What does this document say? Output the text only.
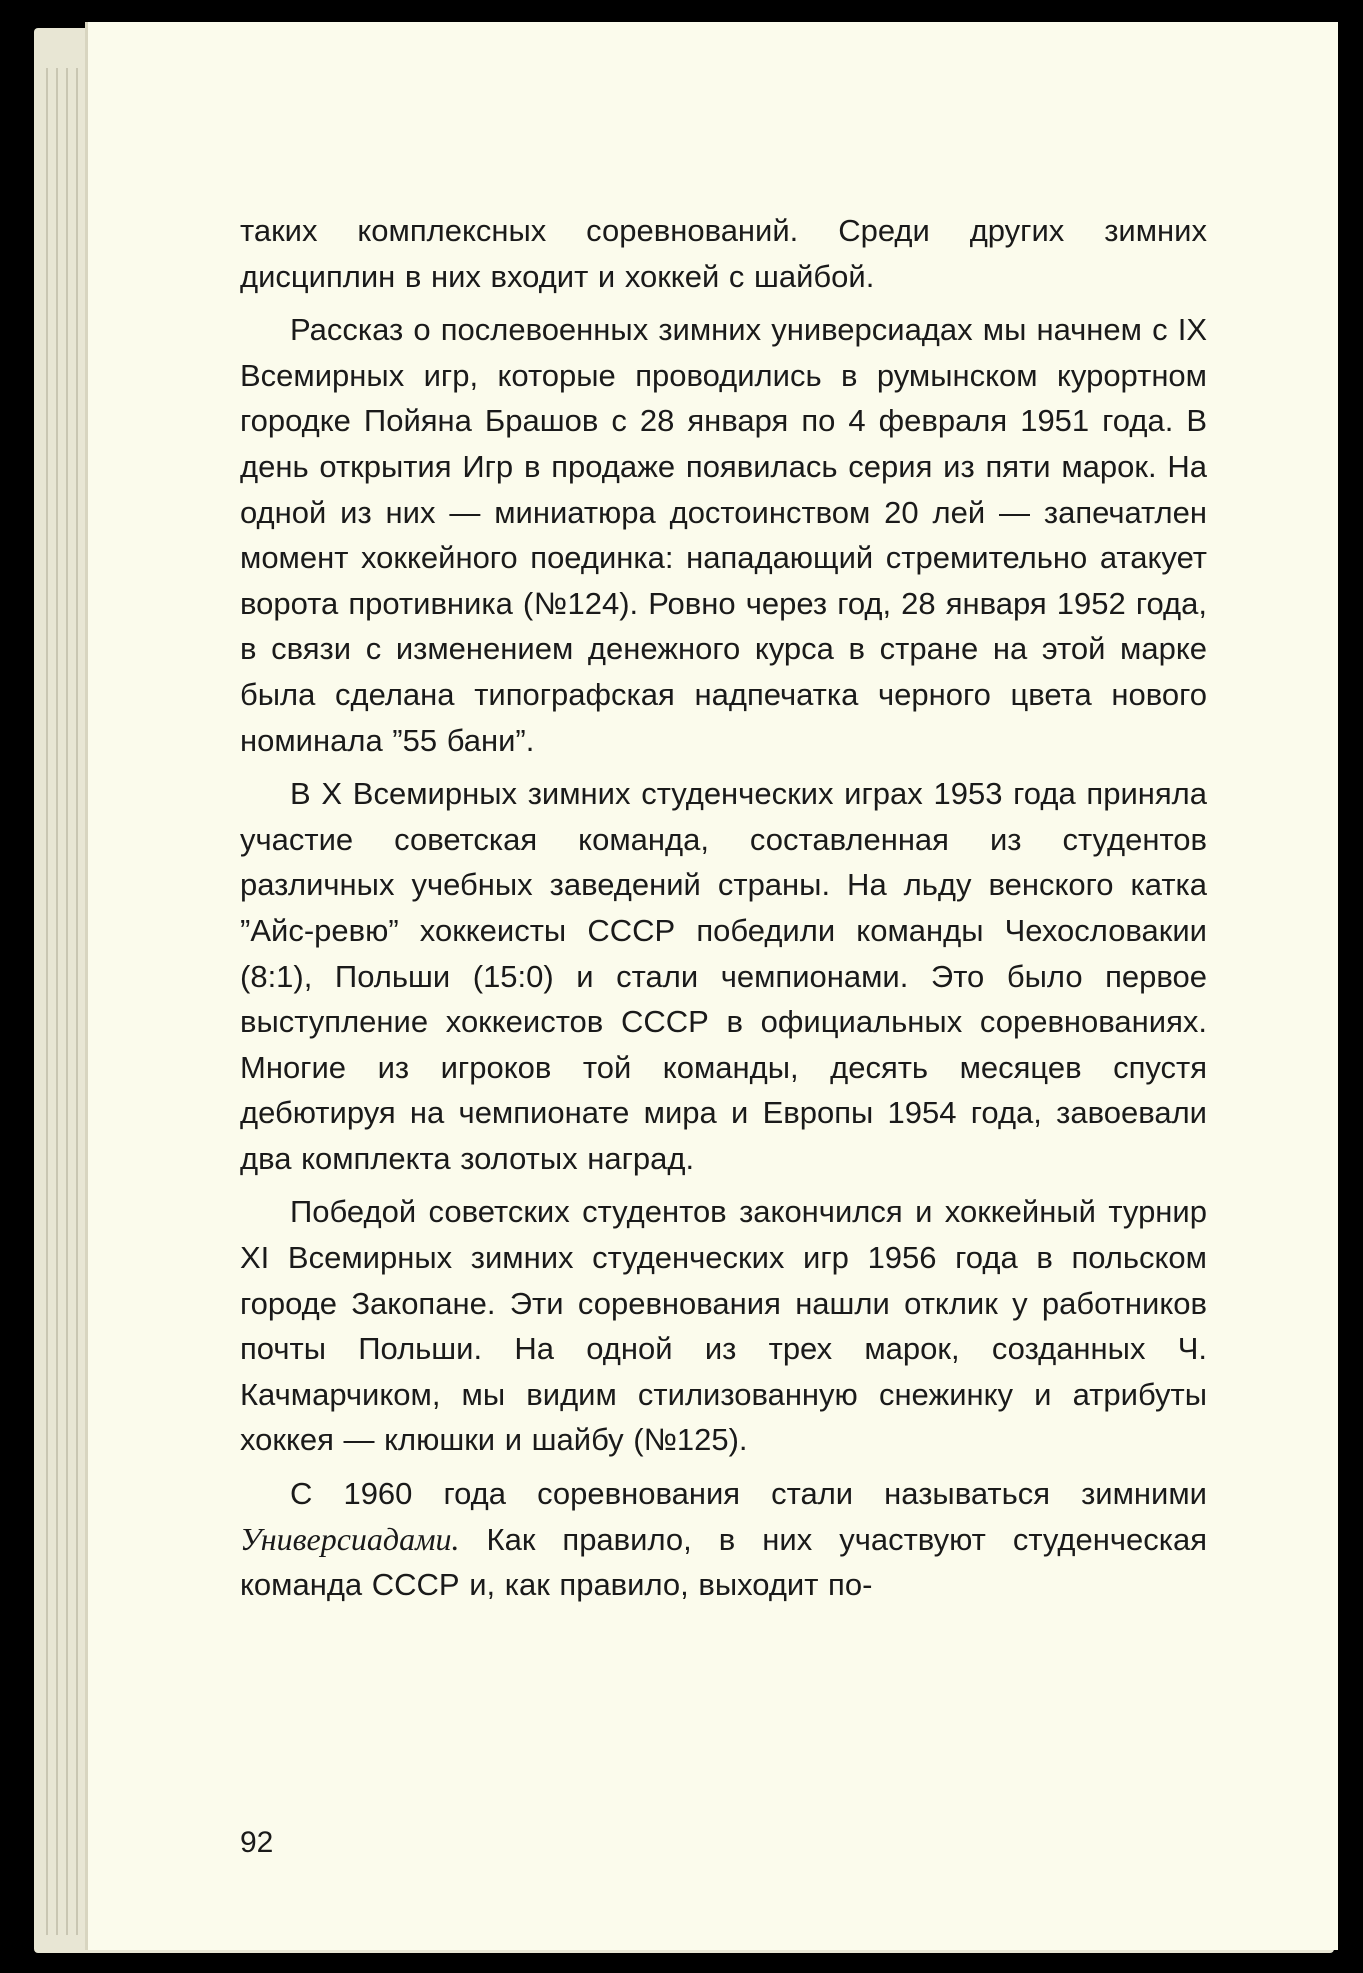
таких комплексных соревнований. Среди других зимних дисциплин в них входит и хоккей с шайбой.

Рассказ о послевоенных зимних универсиадах мы начнем с IX Всемирных игр, которые проводились в румынском курортном городке Пойяна Брашов с 28 января по 4 февраля 1951 года. В день открытия Игр в продаже появилась серия из пяти марок. На одной из них — миниатюра достоинством 20 лей — запечатлен момент хоккейного поединка: нападающий стремительно атакует ворота противника (№124). Ровно через год, 28 января 1952 года, в связи с изменением денежного курса в стране на этой марке была сделана типографская надпечатка черного цвета нового номинала ”55 бани”.

В X Всемирных зимних студенческих играх 1953 года приняла участие советская команда, составленная из студентов различных учебных заведений страны. На льду венского катка ”Айс-ревю” хоккеисты СССР победили команды Чехословакии (8:1), Польши (15:0) и стали чемпионами. Это было первое выступление хоккеистов СССР в официальных соревнованиях. Многие из игроков той команды, десять месяцев спустя дебютируя на чемпионате мира и Европы 1954 года, завоевали два комплекта золотых наград.

Победой советских студентов закончился и хоккейный турнир XI Всемирных зимних студенческих игр 1956 года в польском городе Закопане. Эти соревнования нашли отклик у работников почты Польши. На одной из трех марок, созданных Ч. Качмарчиком, мы видим стилизованную снежинку и атрибуты хоккея — клюшки и шайбу (№125).

С 1960 года соревнования стали называться зимними Универсиадами. Как правило, в них участвуют студенческая команда СССР и, как правило, выходит по-

92
